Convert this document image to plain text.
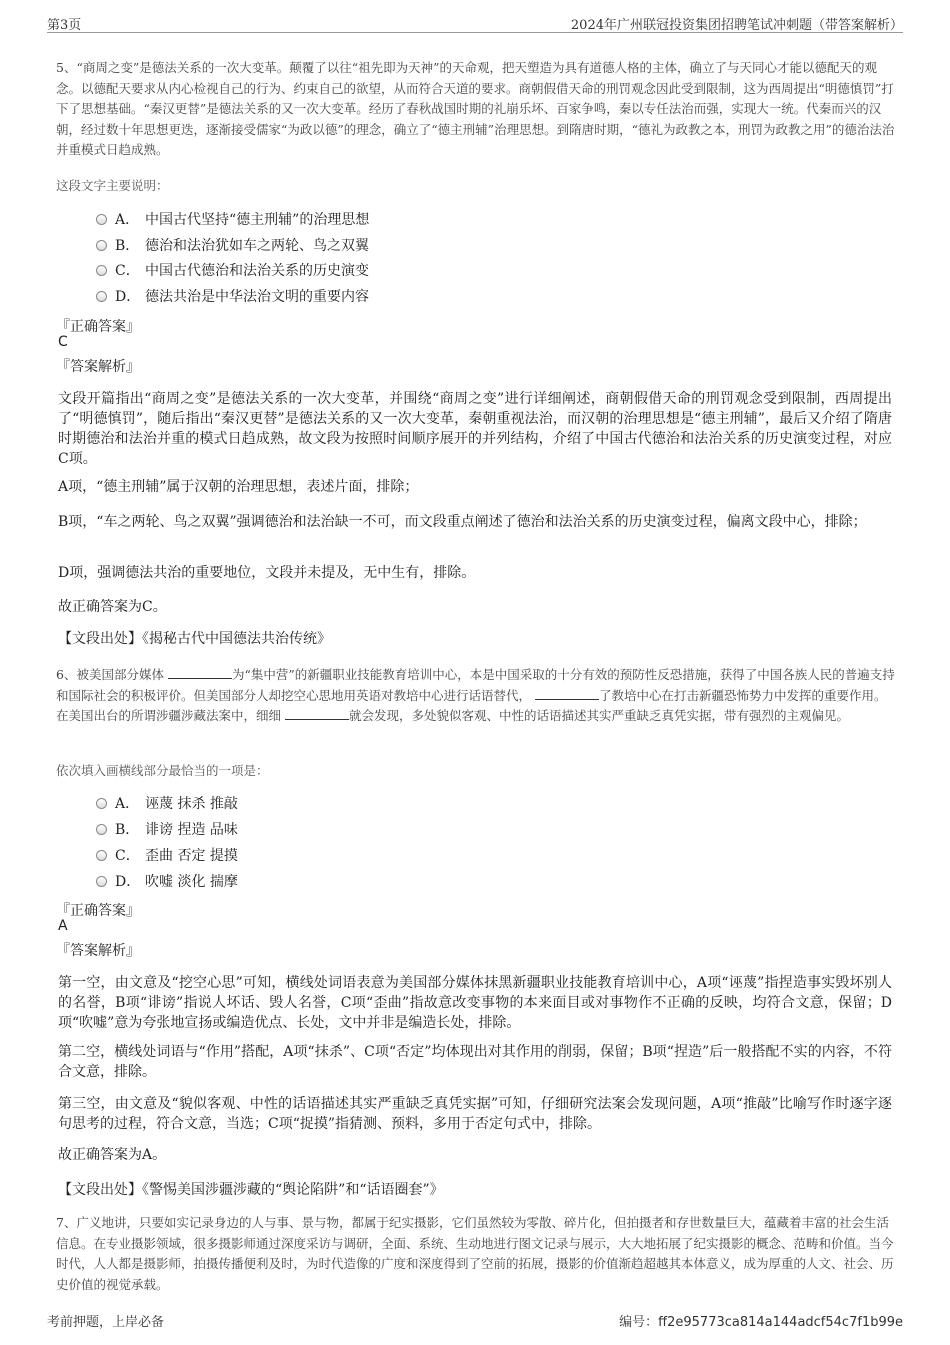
第3页	2024年广州联冠投资集团招聘笔试冲刺题（带答案解析）

5、“商周之变”是德法关系的一次大变革。颠覆了以往“祖先即为天神”的天命观，把天塑造为具有道德人格的主体，确立了与天同心才能以德配天的观念。以德配天要求从内心检视自己的行为、约束自己的欲望，从而符合天道的要求。商朝假借天命的刑罚观念因此受到限制，这为西周提出“明德慎罚”打下了思想基础。“秦汉更替”是德法关系的又一次大变革。经历了春秋战国时期的礼崩乐坏、百家争鸣，秦以专任法治而强，实现大一统。代秦而兴的汉朝，经过数十年思想更迭，逐渐接受儒家“为政以德”的理念，确立了“德主刑辅”治理思想。到隋唐时期，“德礼为政教之本，刑罚为政教之用”的德治法治并重模式日趋成熟。

这段文字主要说明：

A． 中国古代坚持“德主刑辅”的治理思想
B． 德治和法治犹如车之两轮、鸟之双翼
C． 中国古代德治和法治关系的历史演变
D． 德法共治是中华法治文明的重要内容

『正确答案』

C

『答案解析』

文段开篇指出“商周之变”是德法关系的一次大变革，并围绕“商周之变”进行详细阐述，商朝假借天命的刑罚观念受到限制，西周提出了“明德慎罚”，随后指出“秦汉更替”是德法关系的又一次大变革，秦朝重视法治，而汉朝的治理思想是“德主刑辅”，最后又介绍了隋唐时期德治和法治并重的模式日趋成熟，故文段为按照时间顺序展开的并列结构，介绍了中国古代德治和法治关系的历史演变过程，对应C项。

A项，“德主刑辅”属于汉朝的治理思想，表述片面，排除；

B项，“车之两轮、鸟之双翼”强调德治和法治缺一不可，而文段重点阐述了德治和法治关系的历史演变过程，偏离文段中心，排除；

D项，强调德法共治的重要地位，文段并未提及，无中生有，排除。

故正确答案为C。

【文段出处】《揭秘古代中国德法共治传统》

6、被美国部分媒体	为“集中营”的新疆职业技能教育培训中心，本是中国采取的十分有效的预防性反恐措施，获得了中国各族人民的普遍支持和国际社会的积极评价。但美国部分人却挖空心思地用英语对教培中心进行话语替代，	了教培中心在打击新疆恐怖势力中发挥的重要作用。在美国出台的所谓涉疆涉藏法案中，细细	就会发现，多处貌似客观、中性的话语描述其实严重缺乏真凭实据，带有强烈的主观偏见。

依次填入画横线部分最恰当的一项是：

A． 诬蔑 抹杀 推敲
B． 诽谤 捏造 品味
C． 歪曲 否定 提摸
D． 吹嘘 淡化 揣摩

『正确答案』

A

『答案解析』

第一空，由文意及“挖空心思”可知，横线处词语表意为美国部分媒体抹黑新疆职业技能教育培训中心，A项“诬蔑”指捏造事实毁坏别人的名誉，B项“诽谤”指说人坏话、毁人名誉，C项“歪曲”指故意改变事物的本来面目或对事物作不正确的反映，均符合文意，保留；D项“吹嘘”意为夸张地宣扬或编造优点、长处，文中并非是编造长处，排除。

第二空，横线处词语与“作用”搭配，A项“抹杀”、C项“否定”均体现出对其作用的削弱，保留；B项“捏造”后一般搭配不实的内容，不符合文意，排除。

第三空，由文意及“貌似客观、中性的话语描述其实严重缺乏真凭实据”可知，仔细研究法案会发现问题，A项“推敲”比喻写作时逐字逐句思考的过程，符合文意，当选；C项“捉摸”指猜测、预料，多用于否定句式中，排除。

故正确答案为A。

【文段出处】《警惕美国涉疆涉藏的“舆论陷阱”和“话语圈套”》

7、广义地讲，只要如实记录身边的人与事、景与物，都属于纪实摄影，它们虽然较为零散、碎片化，但拍摄者和存世数量巨大，蕴藏着丰富的社会生活信息。在专业摄影领域，很多摄影师通过深度采访与调研，全面、系统、生动地进行图文记录与展示，大大地拓展了纪实摄影的概念、范畴和价值。当今时代，人人都是摄影师，拍摄传播便利及时，为时代造像的广度和深度得到了空前的拓展，摄影的价值渐趋超越其本体意义，成为厚重的人文、社会、历史价值的视觉承载。

考前押题，上岸必备	编号：ff2e95773ca814a144adcf54c7f1b99e
